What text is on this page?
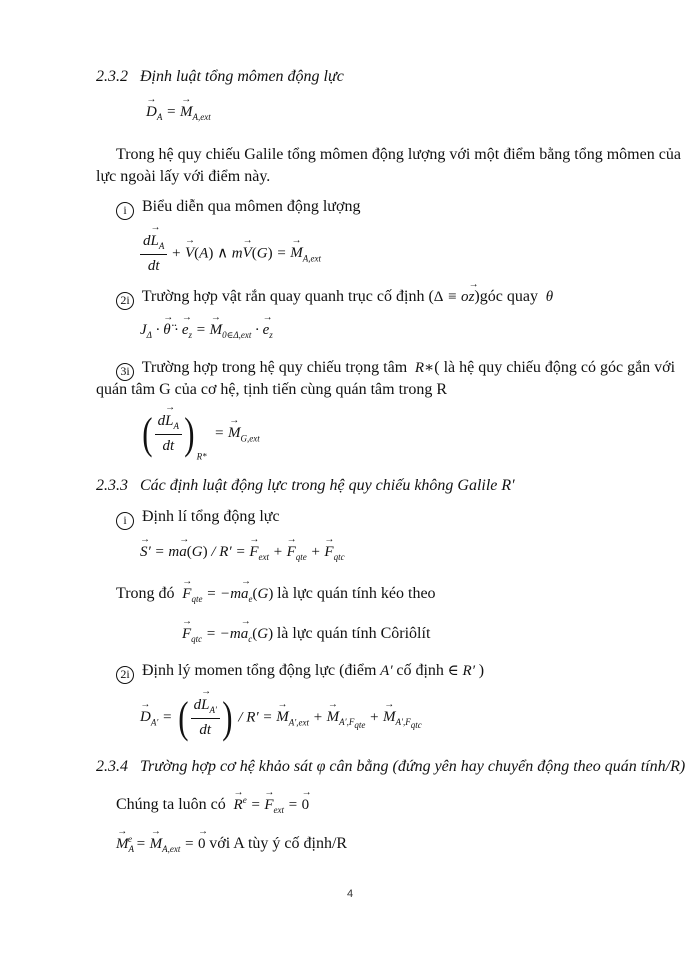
2.3.2 Định luật tổng mômen động lực
→ $D_A$ = → $M_{A,ext}$
Trong hệ quy chiếu Galile tổng mômen động lượng với một điểm bằng tổng mômen của
lực ngoài lấy với điểm này.
i Biểu diễn qua mômen động lượng
$\frac{d\to L_A}{dt}$ + → V(A) ∧ m→ V(G) = → $M_{A,ext}$
2i Trường hợp vật rắn quay quanh trục cố định (Δ ≡ o→ z)góc quay  θ
$J_\Delta$ · → θ̈ · → $e_z$ = → $M_{0\in\Delta,ext}$ · → $e_z$
3i Trường hợp trong hệ quy chiếu trọng tâm  R∗( là hệ quy chiếu động có góc gắn với
quán tâm G của cơ hệ, tịnh tiến cùng quán tâm trong R
( $\frac{d\to L_A}{dt}$ ) $_{R*}$  = → $M_{G,ext}$
2.3.3 Các định luật động lực trong hệ quy chiếu không Galile R′
i Định lí tổng động lực
→ S′ = m→ a(G) / R′ = → $F_{ext}$ + → $F_{qte}$ + → $F_{qtc}$
Trong đó → $F_{qte} = -m\to a_e(G)$ là lực quán tính kéo theo
→ $F_{qtc} = -m\to a_c(G)$ là lực quán tính Côriôlít
2i Định lý momen tổng động lực (điểm A′ cố định ∈ R′ )
→ $D_{A'}$ = ( $\frac{d\to L_{A'}}{dt}$ ) / R′ = → $M_{A',ext}$ + → $M_{A',F_{qte}}$ + → $M_{A',F_{qtc}}$
2.3.4 Trường hợp cơ hệ khảo sát φ cân bằng (đứng yên hay chuyển động theo quán tính/R)
Chúng ta luôn có → $R^e$ = → $F_{ext}$ = → 0
→ $M_A^e$ = → $M_{A,ext}$ = → 0 với A tùy ý cố định/R
4
